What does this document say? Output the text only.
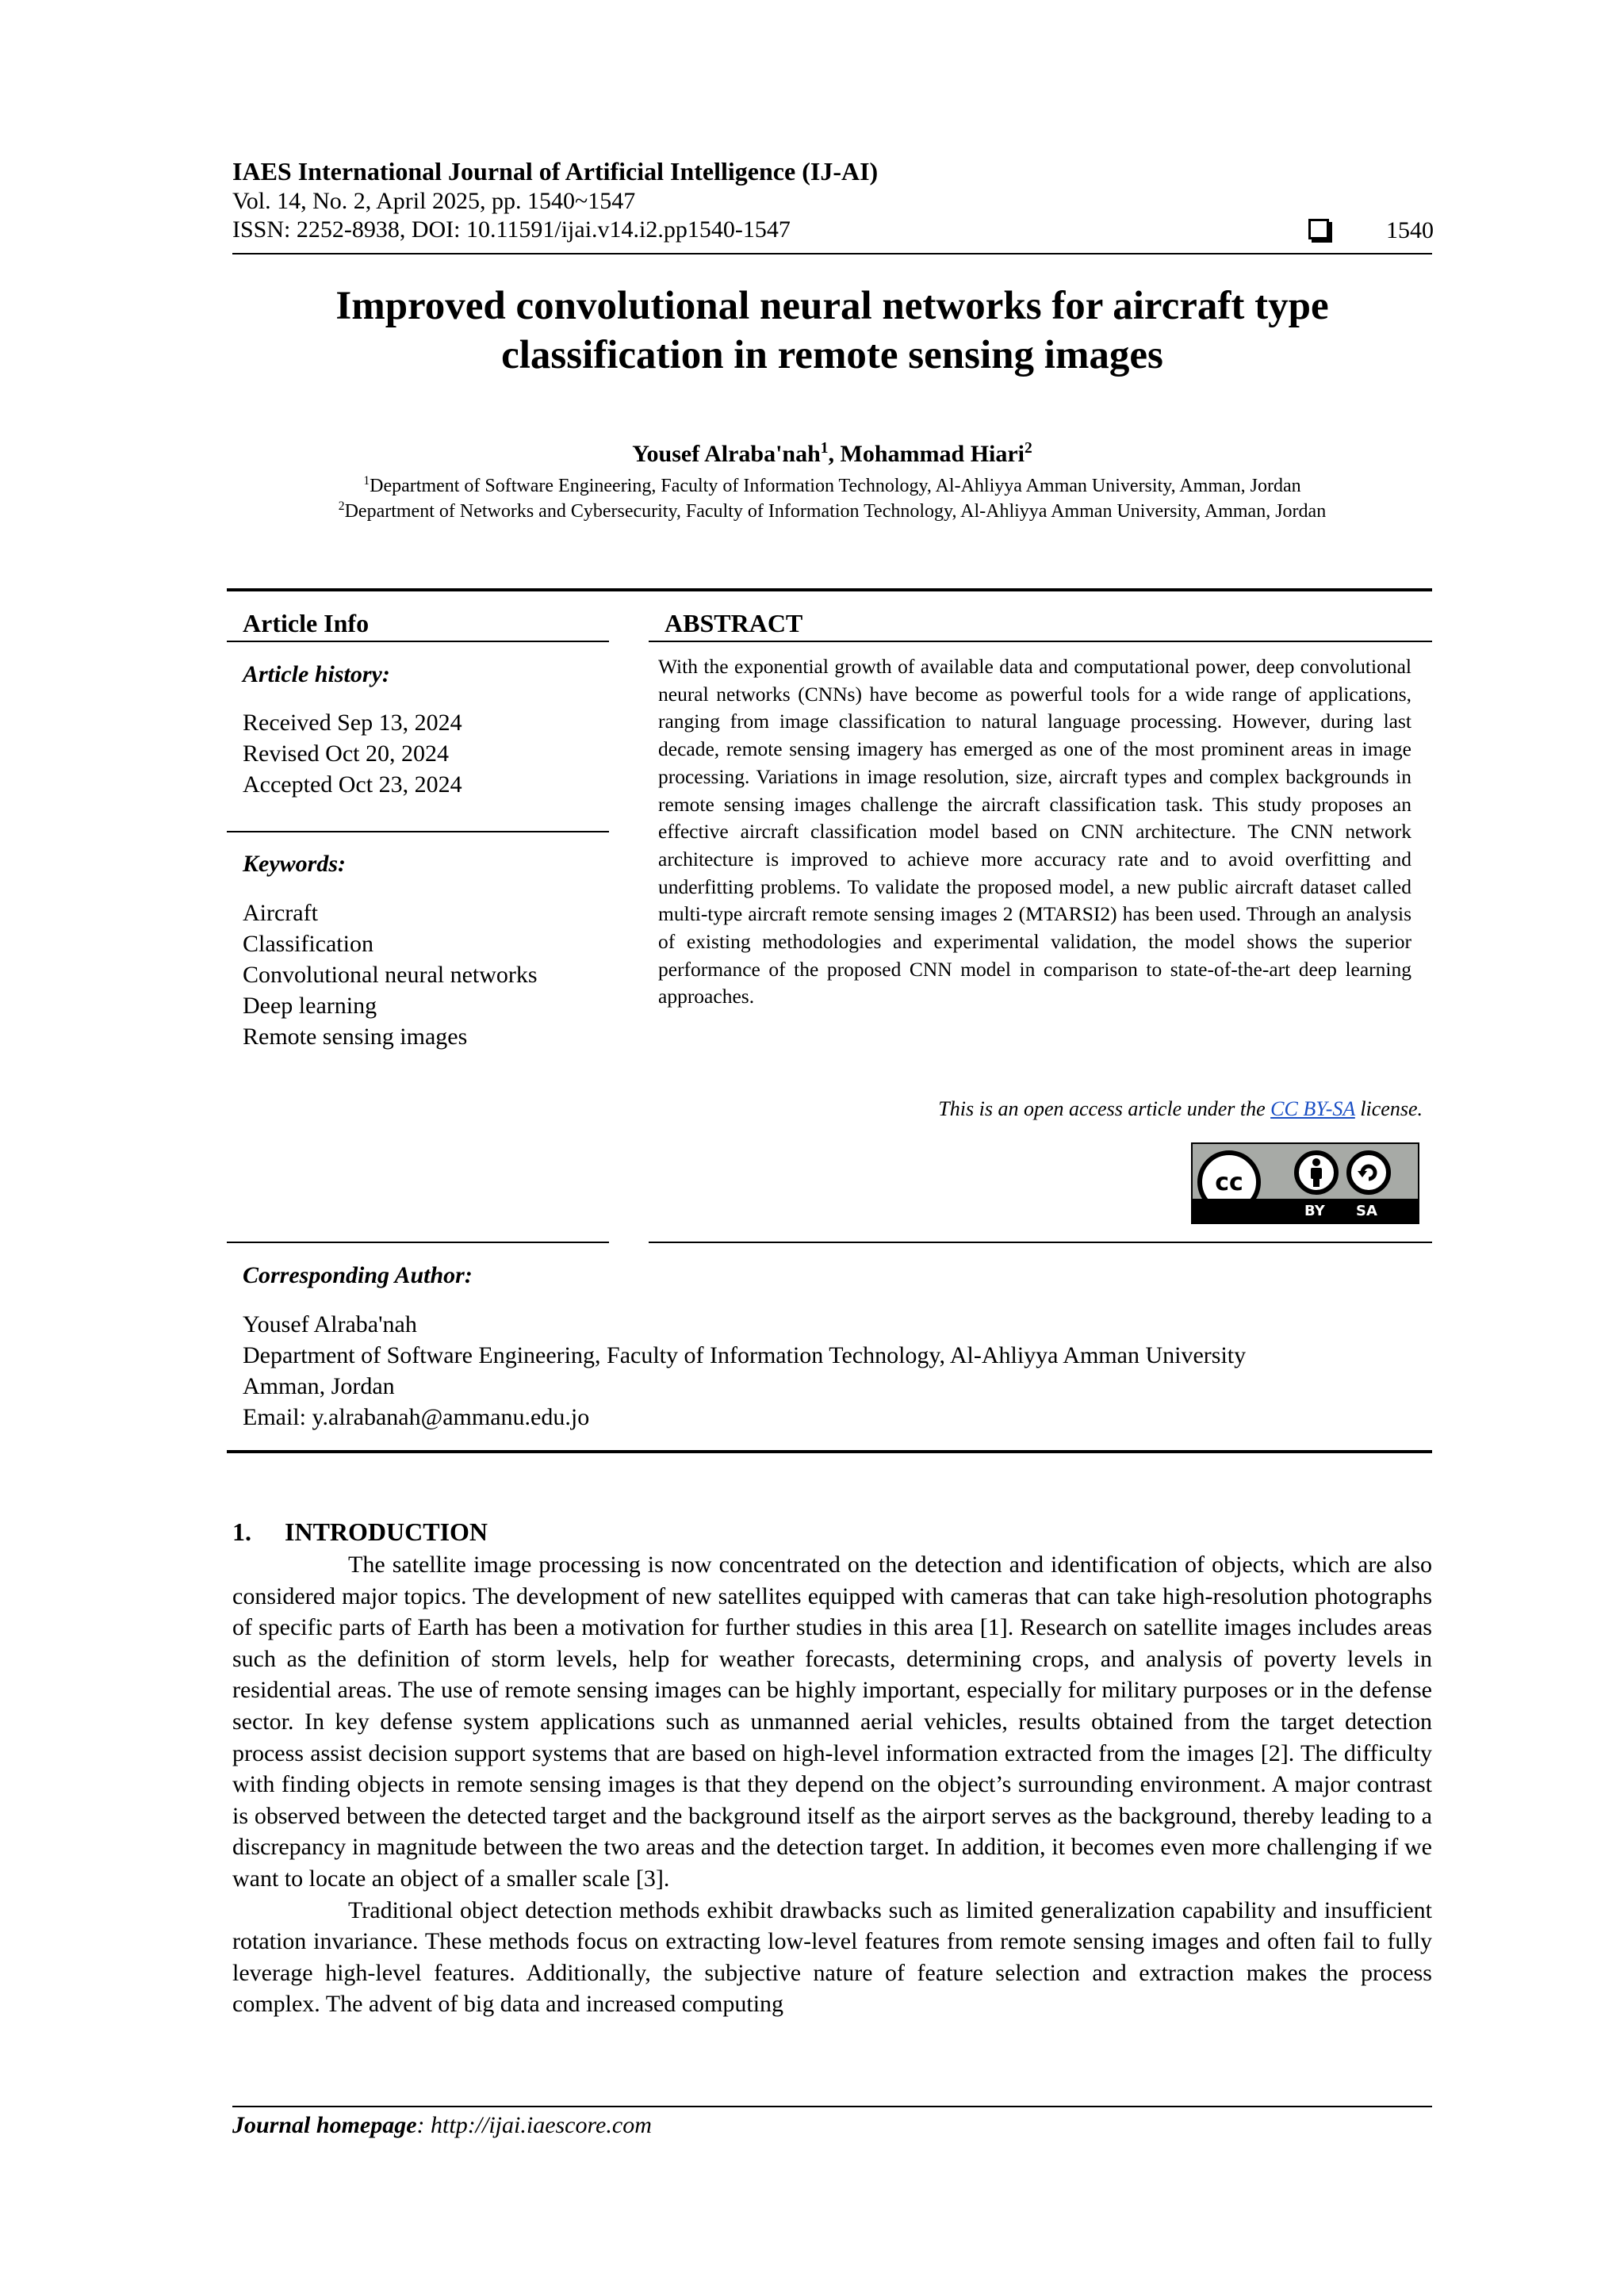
IAES International Journal of Artificial Intelligence (IJ-AI)
Vol. 14, No. 2, April 2025, pp. 1540~1547
ISSN: 2252-8938, DOI: 10.11591/ijai.v14.i2.pp1540-1547	1540
Improved convolutional neural networks for aircraft type
classification in remote sensing images
Yousef Alraba'nah$^1$, Mohammad Hiari$^2$
$^1$Department of Software Engineering, Faculty of Information Technology, Al-Ahliyya Amman University, Amman, Jordan
$^2$Department of Networks and Cybersecurity, Faculty of Information Technology, Al-Ahliyya Amman University, Amman, Jordan
Article Info
Article history:
Received Sep 13, 2024
Revised Oct 20, 2024
Accepted Oct 23, 2024
Keywords:
Aircraft
Classification
Convolutional neural networks
Deep learning
Remote sensing images
ABSTRACT
With the exponential growth of available data and computational power, deep convolutional neural networks (CNNs) have become as powerful tools for a wide range of applications, ranging from image classification to natural language processing. However, during last decade, remote sensing imagery has emerged as one of the most prominent areas in image processing. Variations in image resolution, size, aircraft types and complex backgrounds in remote sensing images challenge the aircraft classification task. This study proposes an effective aircraft classification model based on CNN architecture. The CNN network architecture is improved to achieve more accuracy rate and to avoid overfitting and underfitting problems. To validate the proposed model, a new public aircraft dataset called multi-type aircraft remote sensing images 2 (MTARSI2) has been used. Through an analysis of existing methodologies and experimental validation, the model shows the superior performance of the proposed CNN model in comparison to state-of-the-art deep learning approaches.
This is an open access article under the CC BY-SA license.
cc
BY SA
Corresponding Author:
Yousef Alraba'nah
Department of Software Engineering, Faculty of Information Technology, Al-Ahliyya Amman University
Amman, Jordan
Email: y.alrabanah@ammanu.edu.jo
1. INTRODUCTION

The satellite image processing is now concentrated on the detection and identification of objects, which are also considered major topics. The development of new satellites equipped with cameras that can take high-resolution photographs of specific parts of Earth has been a motivation for further studies in this area [1]. Research on satellite images includes areas such as the definition of storm levels, help for weather forecasts, determining crops, and analysis of poverty levels in residential areas. The use of remote sensing images can be highly important, especially for military purposes or in the defense sector. In key defense system applications such as unmanned aerial vehicles, results obtained from the target detection process assist decision support systems that are based on high-level information extracted from the images [2]. The difficulty with finding objects in remote sensing images is that they depend on the object’s surrounding environment. A major contrast is observed between the detected target and the background itself as the airport serves as the background, thereby leading to a discrepancy in magnitude between the two areas and the detection target. In addition, it becomes even more challenging if we want to locate an object of a smaller scale [3].

Traditional object detection methods exhibit drawbacks such as limited generalization capability and insufficient rotation invariance. These methods focus on extracting low-level features from remote sensing images and often fail to fully leverage high-level features. Additionally, the subjective nature of feature selection and extraction makes the process complex. The advent of big data and increased computing

Journal homepage: http://ijai.iaescore.com
